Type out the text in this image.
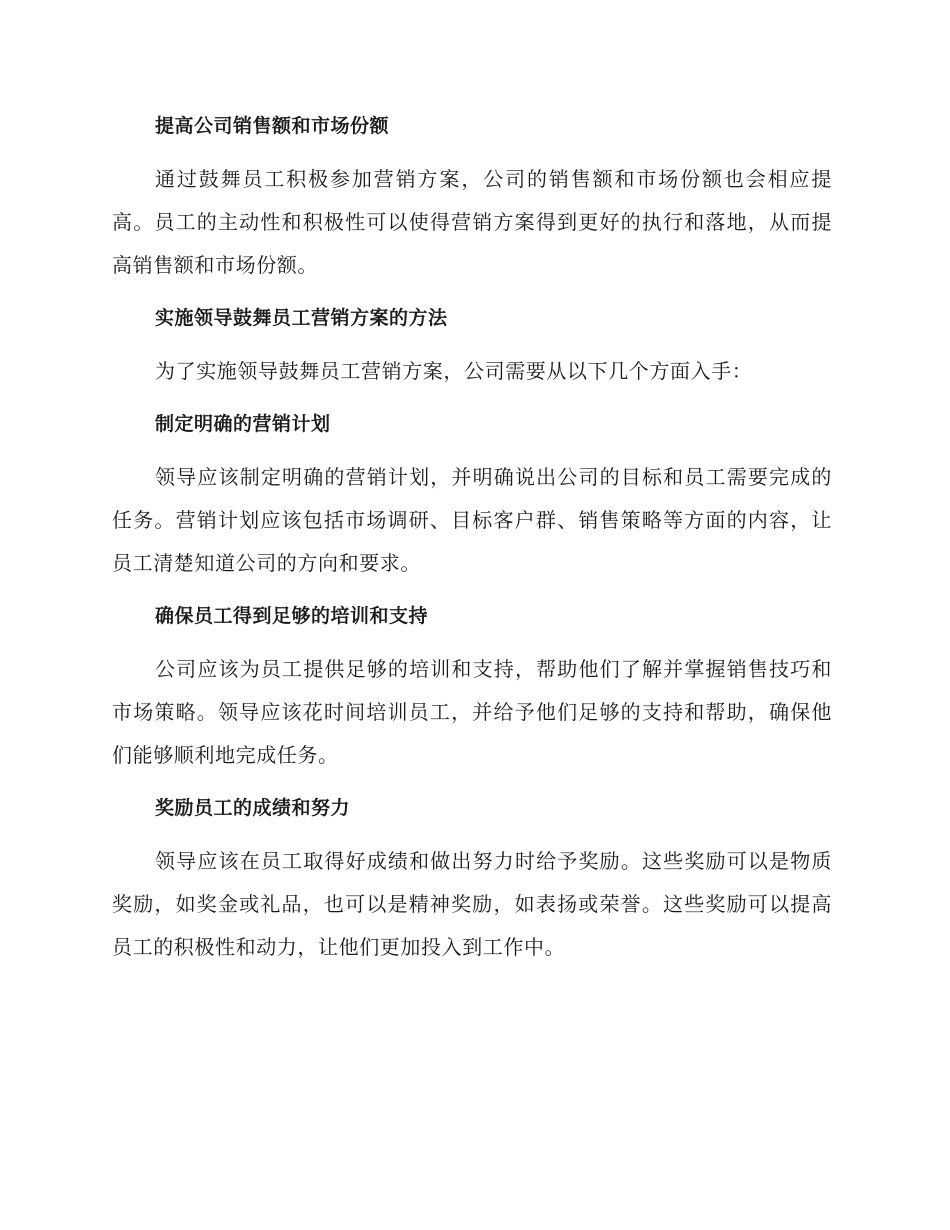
提高公司销售额和市场份额

通过鼓舞员工积极参加营销方案，公司的销售额和市场份额也会相应提高。员工的主动性和积极性可以使得营销方案得到更好的执行和落地，从而提高销售额和市场份额。

实施领导鼓舞员工营销方案的方法

为了实施领导鼓舞员工营销方案，公司需要从以下几个方面入手：

制定明确的营销计划

领导应该制定明确的营销计划，并明确说出公司的目标和员工需要完成的任务。营销计划应该包括市场调研、目标客户群、销售策略等方面的内容，让员工清楚知道公司的方向和要求。

确保员工得到足够的培训和支持

公司应该为员工提供足够的培训和支持，帮助他们了解并掌握销售技巧和市场策略。领导应该花时间培训员工，并给予他们足够的支持和帮助，确保他们能够顺利地完成任务。

奖励员工的成绩和努力

领导应该在员工取得好成绩和做出努力时给予奖励。这些奖励可以是物质奖励，如奖金或礼品，也可以是精神奖励，如表扬或荣誉。这些奖励可以提高员工的积极性和动力，让他们更加投入到工作中。
